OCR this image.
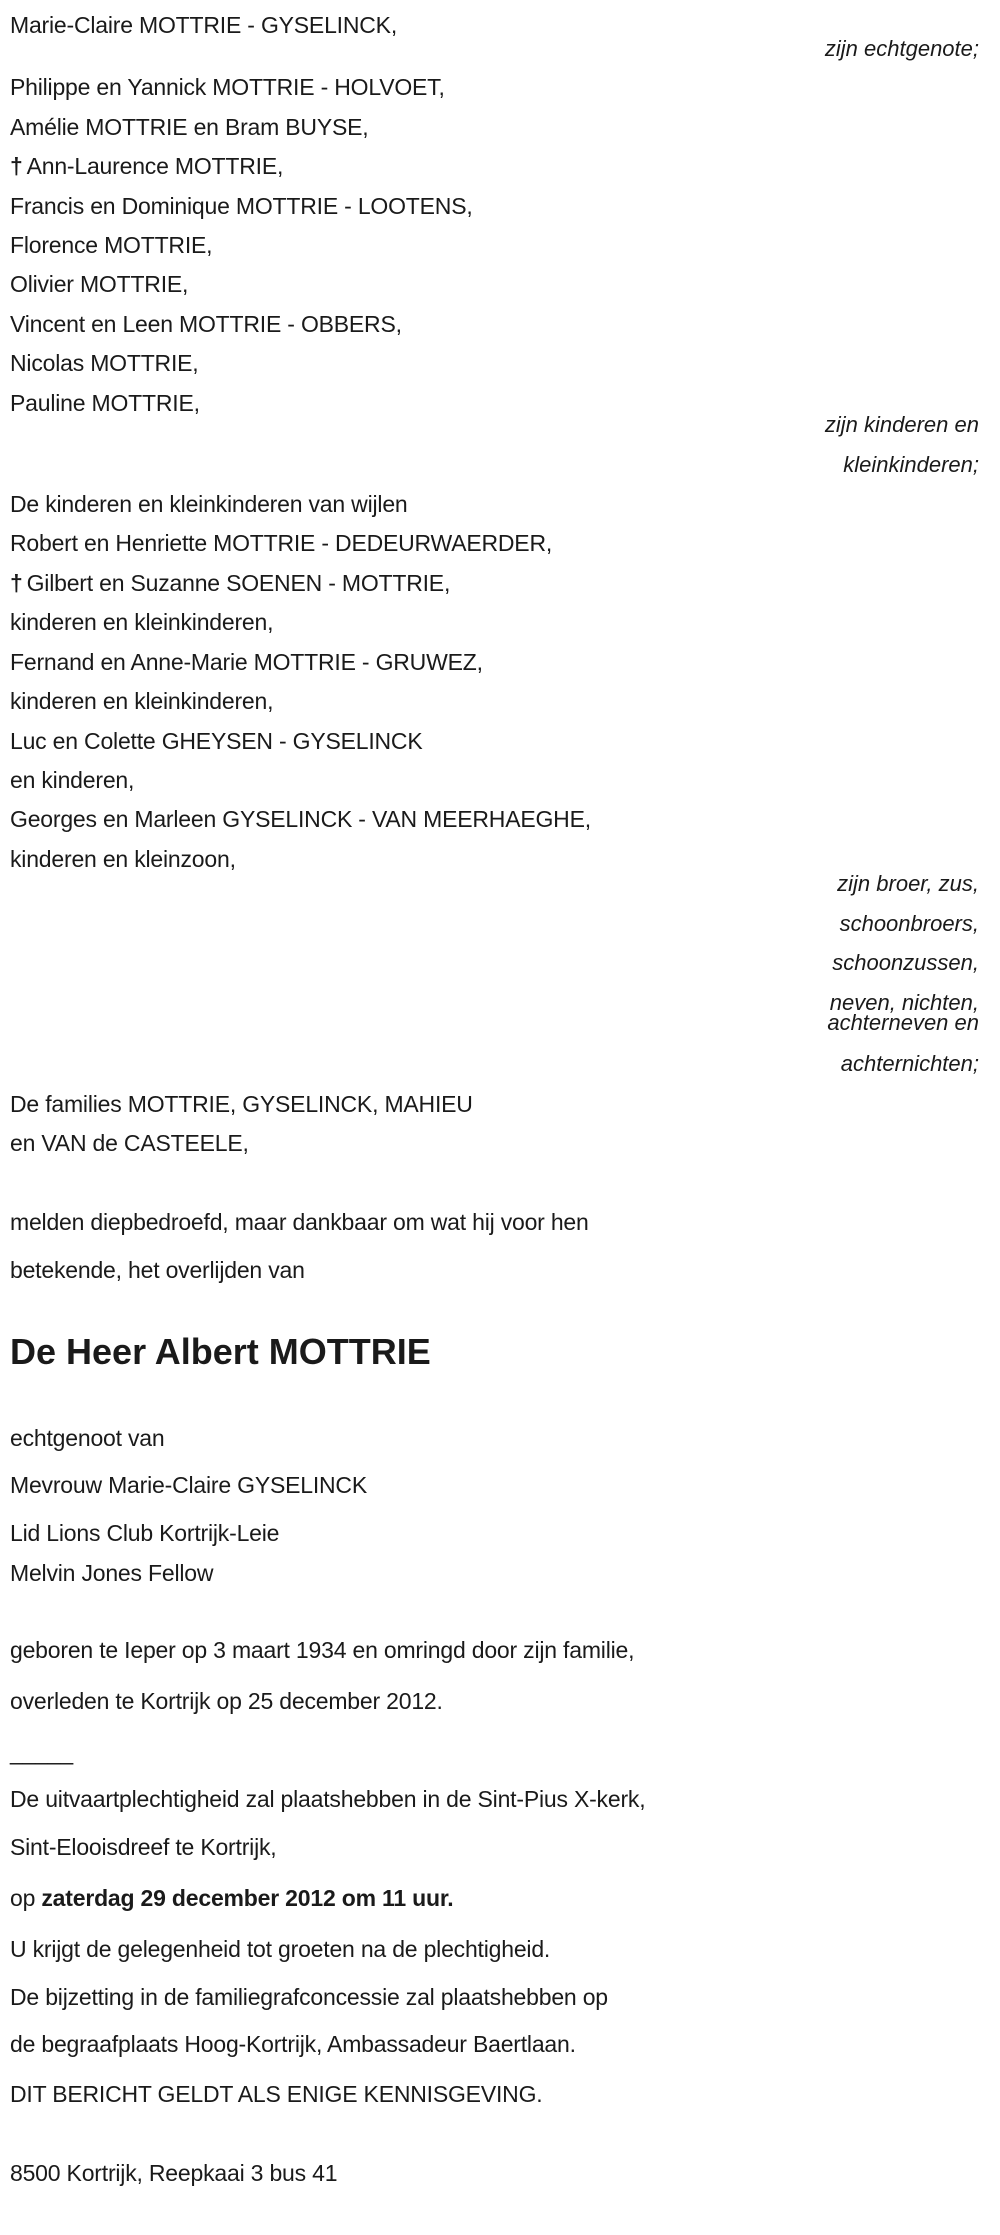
Marie-Claire MOTTRIE - GYSELINCK,
zijn echtgenote;
Philippe en Yannick MOTTRIE - HOLVOET,
Amélie MOTTRIE en Bram BUYSE,
† Ann-Laurence MOTTRIE,
Francis en Dominique MOTTRIE - LOOTENS,
Florence MOTTRIE,
Olivier MOTTRIE,
Vincent en Leen MOTTRIE - OBBERS,
Nicolas MOTTRIE,
Pauline MOTTRIE,
zijn kinderen en
kleinkinderen;
De kinderen en kleinkinderen van wijlen
Robert en Henriette MOTTRIE - DEDEURWAERDER,
† Gilbert en Suzanne SOENEN - MOTTRIE,
kinderen en kleinkinderen,
Fernand en Anne-Marie MOTTRIE - GRUWEZ,
kinderen en kleinkinderen,
Luc en Colette GHEYSEN - GYSELINCK
en kinderen,
Georges en Marleen GYSELINCK - VAN MEERHAEGHE,
kinderen en kleinzoon,
zijn broer, zus,
schoonbroers,
schoonzussen,
neven, nichten,
achterneven en
achternichten;
De families MOTTRIE, GYSELINCK, MAHIEU
en VAN de CASTEELE,
melden diepbedroefd, maar dankbaar om wat hij voor hen
betekende, het overlijden van
De Heer Albert MOTTRIE
echtgenoot van
Mevrouw Marie-Claire GYSELINCK
Lid Lions Club Kortrijk-Leie
Melvin Jones Fellow
geboren te Ieper op 3 maart 1934 en omringd door zijn familie,
overleden te Kortrijk op 25 december 2012.
_____
De uitvaartplechtigheid zal plaatshebben in de Sint-Pius X-kerk,
Sint-Elooisdreef te Kortrijk,
op zaterdag 29 december 2012 om 11 uur.
U krijgt de gelegenheid tot groeten na de plechtigheid.
De bijzetting in de familiegrafconcessie zal plaatshebben op
de begraafplaats Hoog-Kortrijk, Ambassadeur Baertlaan.
DIT BERICHT GELDT ALS ENIGE KENNISGEVING.
8500 Kortrijk, Reepkaai 3 bus 41
